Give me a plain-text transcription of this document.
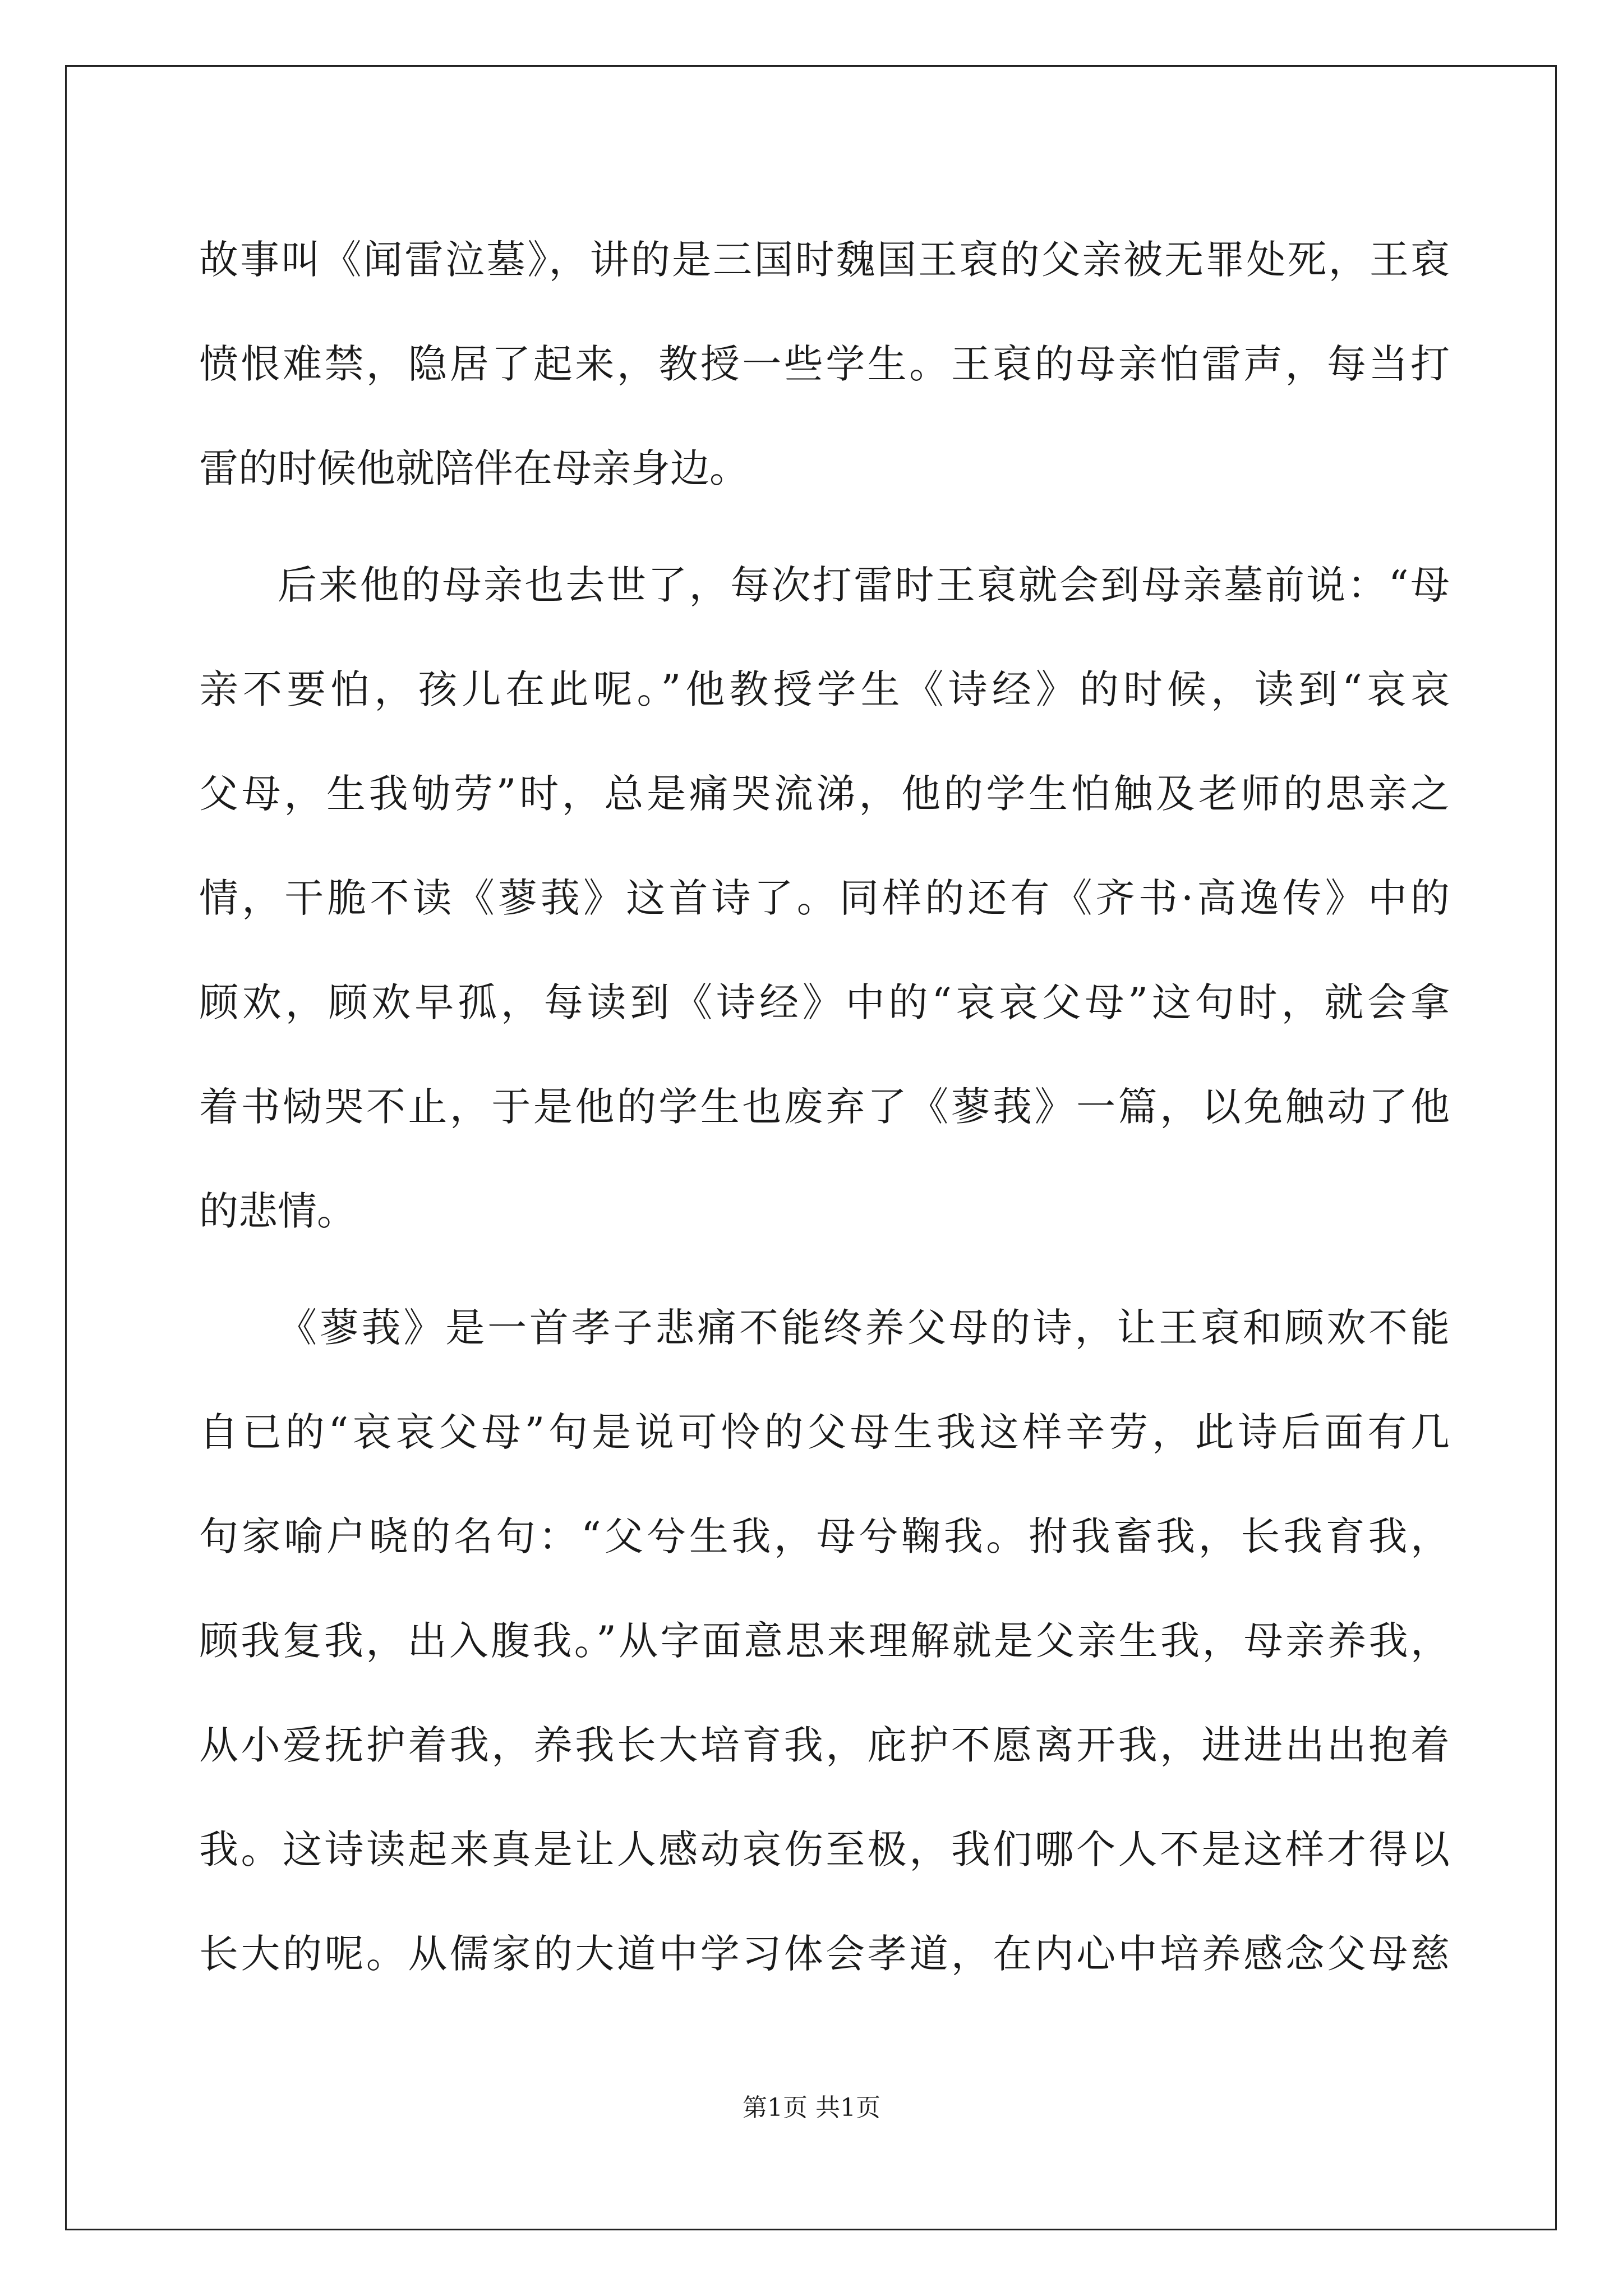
故事叫《闻雷泣墓》，讲的是三国时魏国王裒的父亲被无罪处死，王裒
愤恨难禁，隐居了起来，教授一些学生。王裒的母亲怕雷声，每当打
雷的时候他就陪伴在母亲身边。
后来他的母亲也去世了，每次打雷时王裒就会到母亲墓前说：“母
亲不要怕，孩儿在此呢。”他教授学生《诗经》的时候，读到“哀哀
父母，生我劬劳”时，总是痛哭流涕，他的学生怕触及老师的思亲之
情，干脆不读《蓼莪》这首诗了。同样的还有《齐书·高逸传》中的
顾欢，顾欢早孤，每读到《诗经》中的“哀哀父母”这句时，就会拿
着书恸哭不止，于是他的学生也废弃了《蓼莪》一篇，以免触动了他
的悲情。
《蓼莪》是一首孝子悲痛不能终养父母的诗，让王裒和顾欢不能
自已的“哀哀父母”句是说可怜的父母生我这样辛劳，此诗后面有几
句家喻户晓的名句：“父兮生我，母兮鞠我。拊我畜我，长我育我，
顾我复我，出入腹我。”从字面意思来理解就是父亲生我，母亲养我，
从小爱抚护着我，养我长大培育我，庇护不愿离开我，进进出出抱着
我。这诗读起来真是让人感动哀伤至极，我们哪个人不是这样才得以
长大的呢。从儒家的大道中学习体会孝道，在内心中培养感念父母慈
第1页 共1页
